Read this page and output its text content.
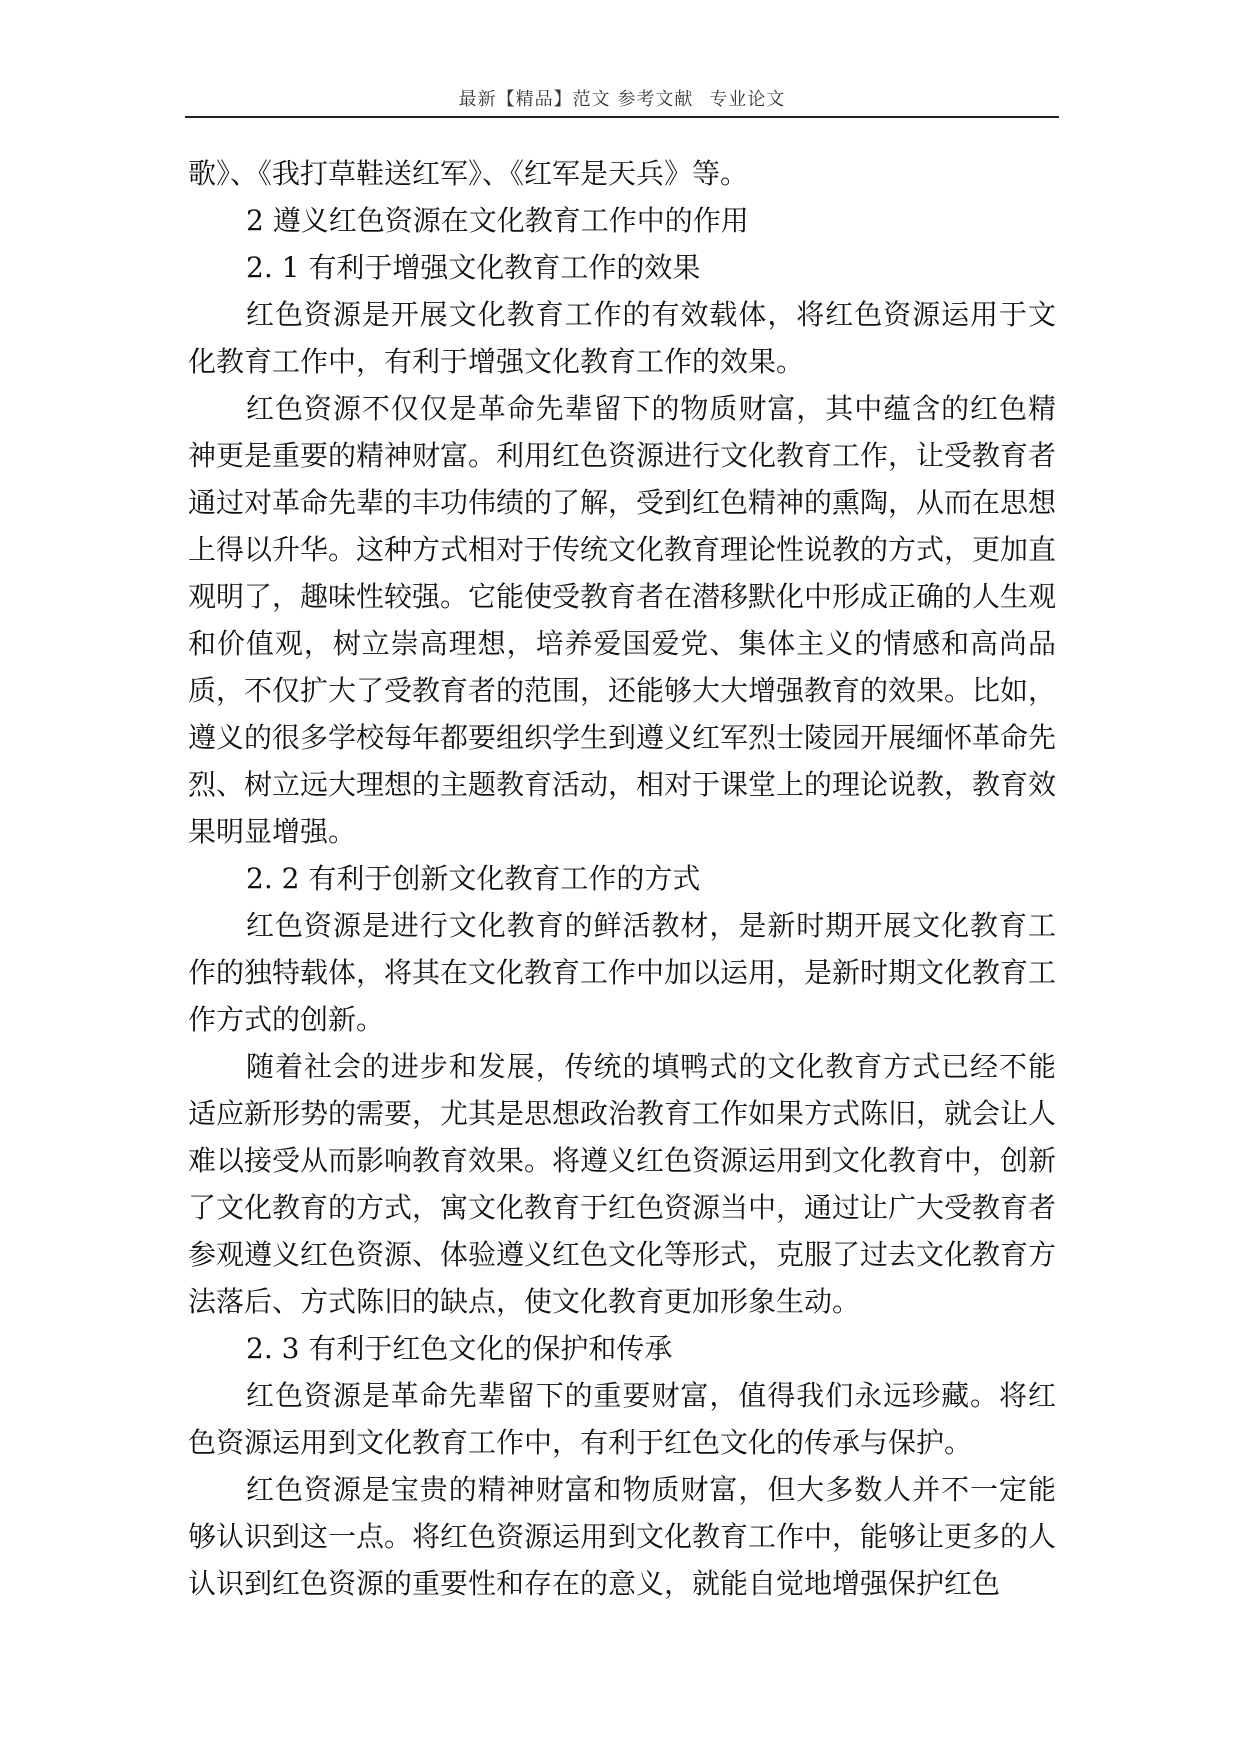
最新【精品】范文 参考文献 专业论文

歌》、《我打草鞋送红军》、《红军是天兵》等。

2 遵义红色资源在文化教育工作中的作用

2. 1 有利于增强文化教育工作的效果

红色资源是开展文化教育工作的有效载体，将红色资源运用于文化教育工作中，有利于增强文化教育工作的效果。

红色资源不仅仅是革命先辈留下的物质财富，其中蕴含的红色精神更是重要的精神财富。利用红色资源进行文化教育工作，让受教育者通过对革命先辈的丰功伟绩的了解，受到红色精神的熏陶，从而在思想上得以升华。这种方式相对于传统文化教育理论性说教的方式，更加直观明了，趣味性较强。它能使受教育者在潜移默化中形成正确的人生观和价值观，树立崇高理想，培养爱国爱党、集体主义的情感和高尚品质，不仅扩大了受教育者的范围，还能够大大增强教育的效果。比如，遵义的很多学校每年都要组织学生到遵义红军烈士陵园开展缅怀革命先烈、树立远大理想的主题教育活动，相对于课堂上的理论说教，教育效果明显增强。

2. 2 有利于创新文化教育工作的方式

红色资源是进行文化教育的鲜活教材，是新时期开展文化教育工作的独特载体，将其在文化教育工作中加以运用，是新时期文化教育工作方式的创新。

随着社会的进步和发展，传统的填鸭式的文化教育方式已经不能适应新形势的需要，尤其是思想政治教育工作如果方式陈旧，就会让人难以接受从而影响教育效果。将遵义红色资源运用到文化教育中，创新了文化教育的方式，寓文化教育于红色资源当中，通过让广大受教育者参观遵义红色资源、体验遵义红色文化等形式，克服了过去文化教育方法落后、方式陈旧的缺点，使文化教育更加形象生动。

2. 3 有利于红色文化的保护和传承

红色资源是革命先辈留下的重要财富，值得我们永远珍藏。将红色资源运用到文化教育工作中，有利于红色文化的传承与保护。

红色资源是宝贵的精神财富和物质财富，但大多数人并不一定能够认识到这一点。将红色资源运用到文化教育工作中，能够让更多的人认识到红色资源的重要性和存在的意义，就能自觉地增强保护红色
